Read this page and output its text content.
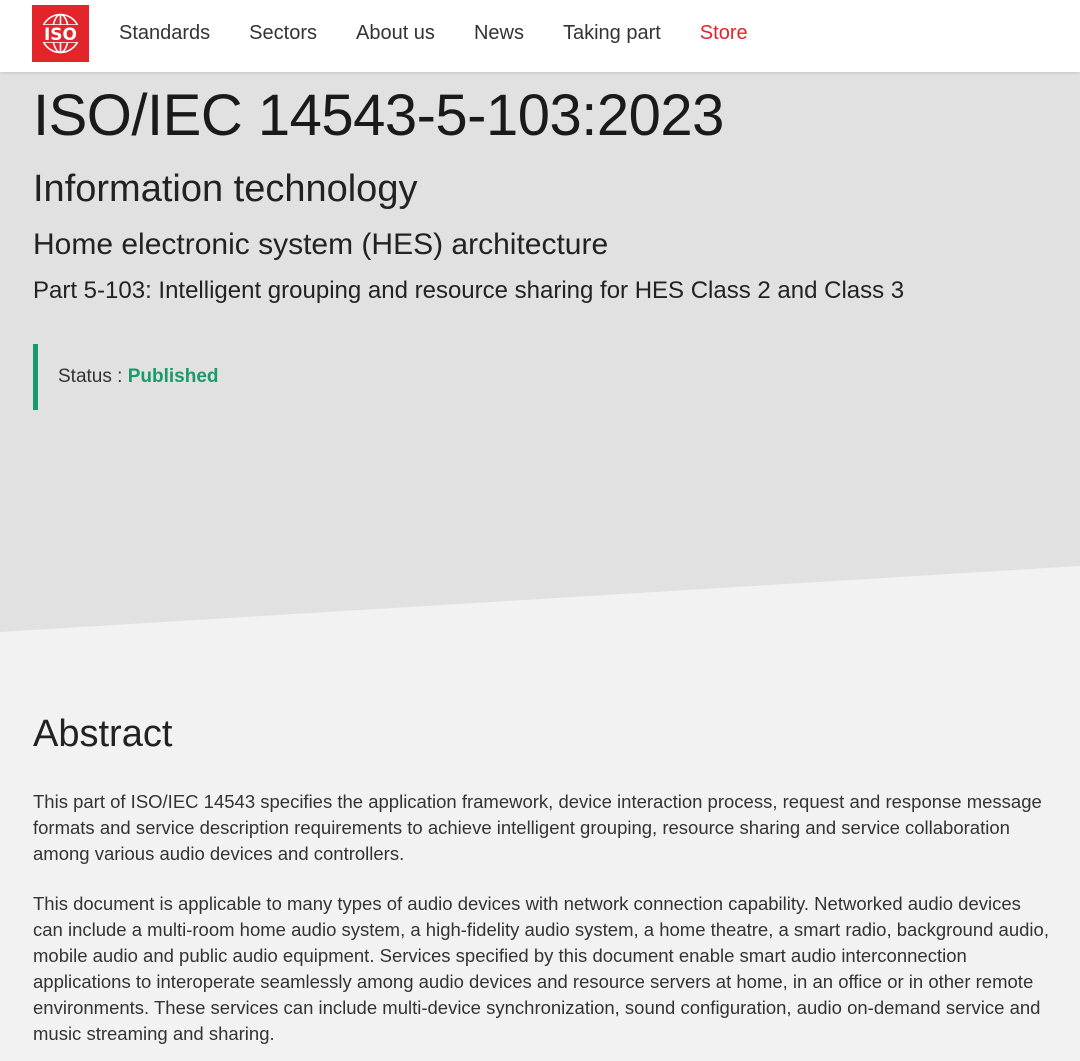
ISO Standards Sectors About us News Taking part Store
ISO/IEC 14543-5-103:2023
Information technology
Home electronic system (HES) architecture
Part 5-103: Intelligent grouping and resource sharing for HES Class 2 and Class 3
Status : Published
Abstract

This part of ISO/IEC 14543 specifies the application framework, device interaction process, request and response message formats and service description requirements to achieve intelligent grouping, resource sharing and service collaboration among various audio devices and controllers.

This document is applicable to many types of audio devices with network connection capability. Networked audio devices can include a multi-room home audio system, a high-fidelity audio system, a home theatre, a smart radio, background audio, mobile audio and public audio equipment. Services specified by this document enable smart audio interconnection applications to interoperate seamlessly among audio devices and resource servers at home, in an office or in other remote environments. These services can include multi-device synchronization, sound configuration, audio on-demand service and music streaming and sharing.
